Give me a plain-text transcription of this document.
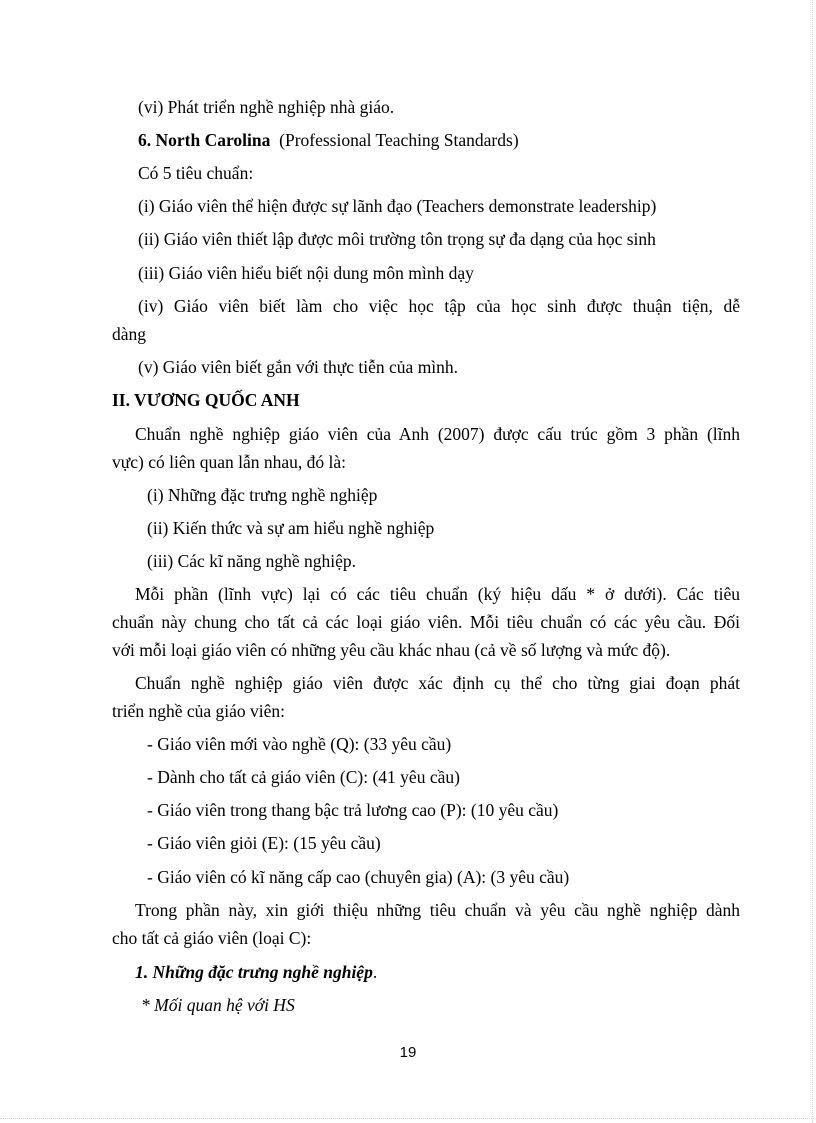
(vi) Phát triển nghề nghiệp nhà giáo.
6. North Carolina (Professional Teaching Standards)
Có 5 tiêu chuẩn:
(i) Giáo viên thể hiện được sự lãnh đạo (Teachers demonstrate leadership)
(ii) Giáo viên thiết lập được môi trường tôn trọng sự đa dạng của học sinh
(iii) Giáo viên hiểu biết nội dung môn mình dạy
(iv) Giáo viên biết làm cho việc học tập của học sinh được thuận tiện, dễ
dàng
(v) Giáo viên biết gắn với thực tiễn của mình.
II. VƯƠNG QUỐC ANH
Chuẩn nghề nghiệp giáo viên của Anh (2007) được cấu trúc gồm 3 phần (lĩnh
vực) có liên quan lẫn nhau, đó là:
(i) Những đặc trưng nghề nghiệp
(ii) Kiến thức và sự am hiểu nghề nghiệp
(iii) Các kĩ năng nghề nghiệp.
Mỗi phần (lĩnh vực) lại có các tiêu chuẩn (ký hiệu dấu * ở dưới). Các tiêu
chuẩn này chung cho tất cả các loại giáo viên. Mỗi tiêu chuẩn có các yêu cầu. Đối
với mỗi loại giáo viên có những yêu cầu khác nhau (cả về số lượng và mức độ).
Chuẩn nghề nghiệp giáo viên được xác định cụ thể cho từng giai đoạn phát
triển nghề của giáo viên:
- Giáo viên mới vào nghề (Q): (33 yêu cầu)
- Dành cho tất cả giáo viên (C): (41 yêu cầu)
- Giáo viên trong thang bậc trả lương cao (P): (10 yêu cầu)
- Giáo viên giỏi (E): (15 yêu cầu)
- Giáo viên có kĩ năng cấp cao (chuyên gia) (A): (3 yêu cầu)
Trong phần này, xin giới thiệu những tiêu chuẩn và yêu cầu nghề nghiệp dành
cho tất cả giáo viên (loại C):
1. Những đặc trưng nghề nghiệp.
* Mối quan hệ với HS
19
